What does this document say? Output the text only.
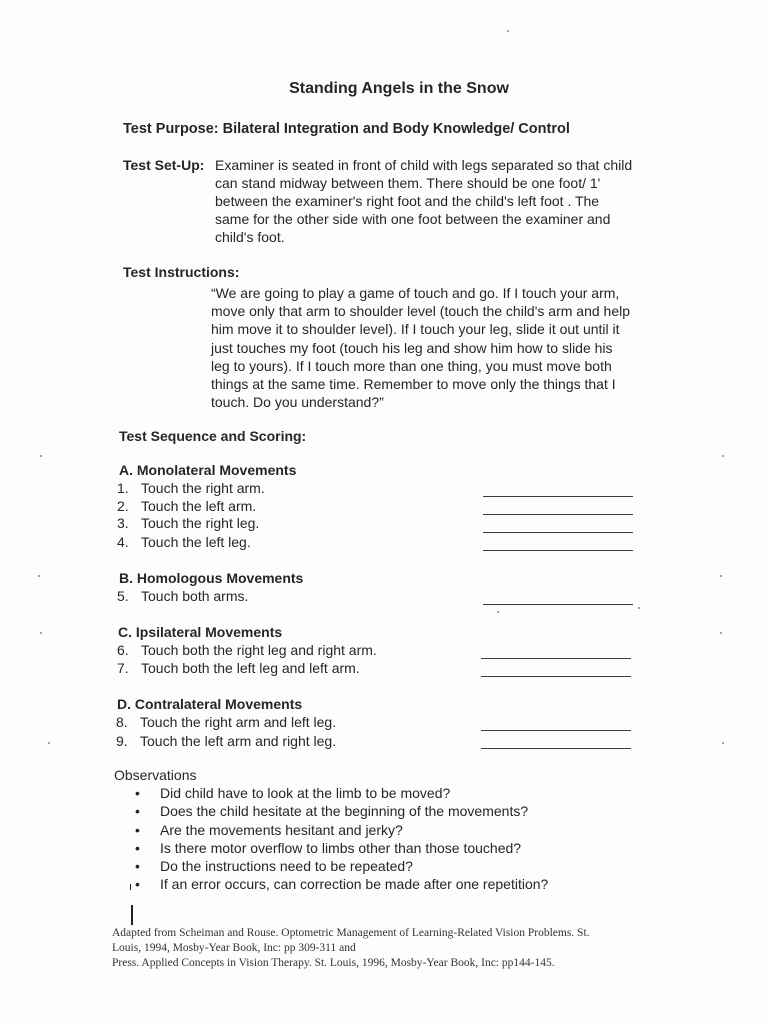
Standing Angels in the Snow
Test Purpose: Bilateral Integration and Body Knowledge/ Control
Test Set-Up: Examiner is seated in front of child with legs separated so that child
can stand midway between them. There should be one foot/ 1'
between the examiner's right foot and the child's left foot . The
same for the other side with one foot between the examiner and
child's foot.
Test Instructions:
“We are going to play a game of touch and go. If I touch your arm,
move only that arm to shoulder level (touch the child's arm and help
him move it to shoulder level). If I touch your leg, slide it out until it
just touches my foot (touch his leg and show him how to slide his
leg to yours). If I touch more than one thing, you must move both
things at the same time. Remember to move only the things that I
touch. Do you understand?”
Test Sequence and Scoring:
A. Monolateral Movements
1. Touch the right arm.
2. Touch the left arm.
3. Touch the right leg.
4. Touch the left leg.
B. Homologous Movements
5. Touch both arms.
C. Ipsilateral Movements
6. Touch both the right leg and right arm.
7. Touch both the left leg and left arm.
D. Contralateral Movements
8. Touch the right arm and left leg.
9. Touch the left arm and right leg.
Observations
• Did child have to look at the limb to be moved?
• Does the child hesitate at the beginning of the movements?
• Are the movements hesitant and jerky?
• Is there motor overflow to limbs other than those touched?
• Do the instructions need to be repeated?
• If an error occurs, can correction be made after one repetition?
Adapted from Scheiman and Rouse. Optometric Management of Learning-Related Vision Problems. St.
Louis, 1994, Mosby-Year Book, Inc: pp 309-311 and
Press. Applied Concepts in Vision Therapy. St. Louis, 1996, Mosby-Year Book, Inc: pp144-145.
